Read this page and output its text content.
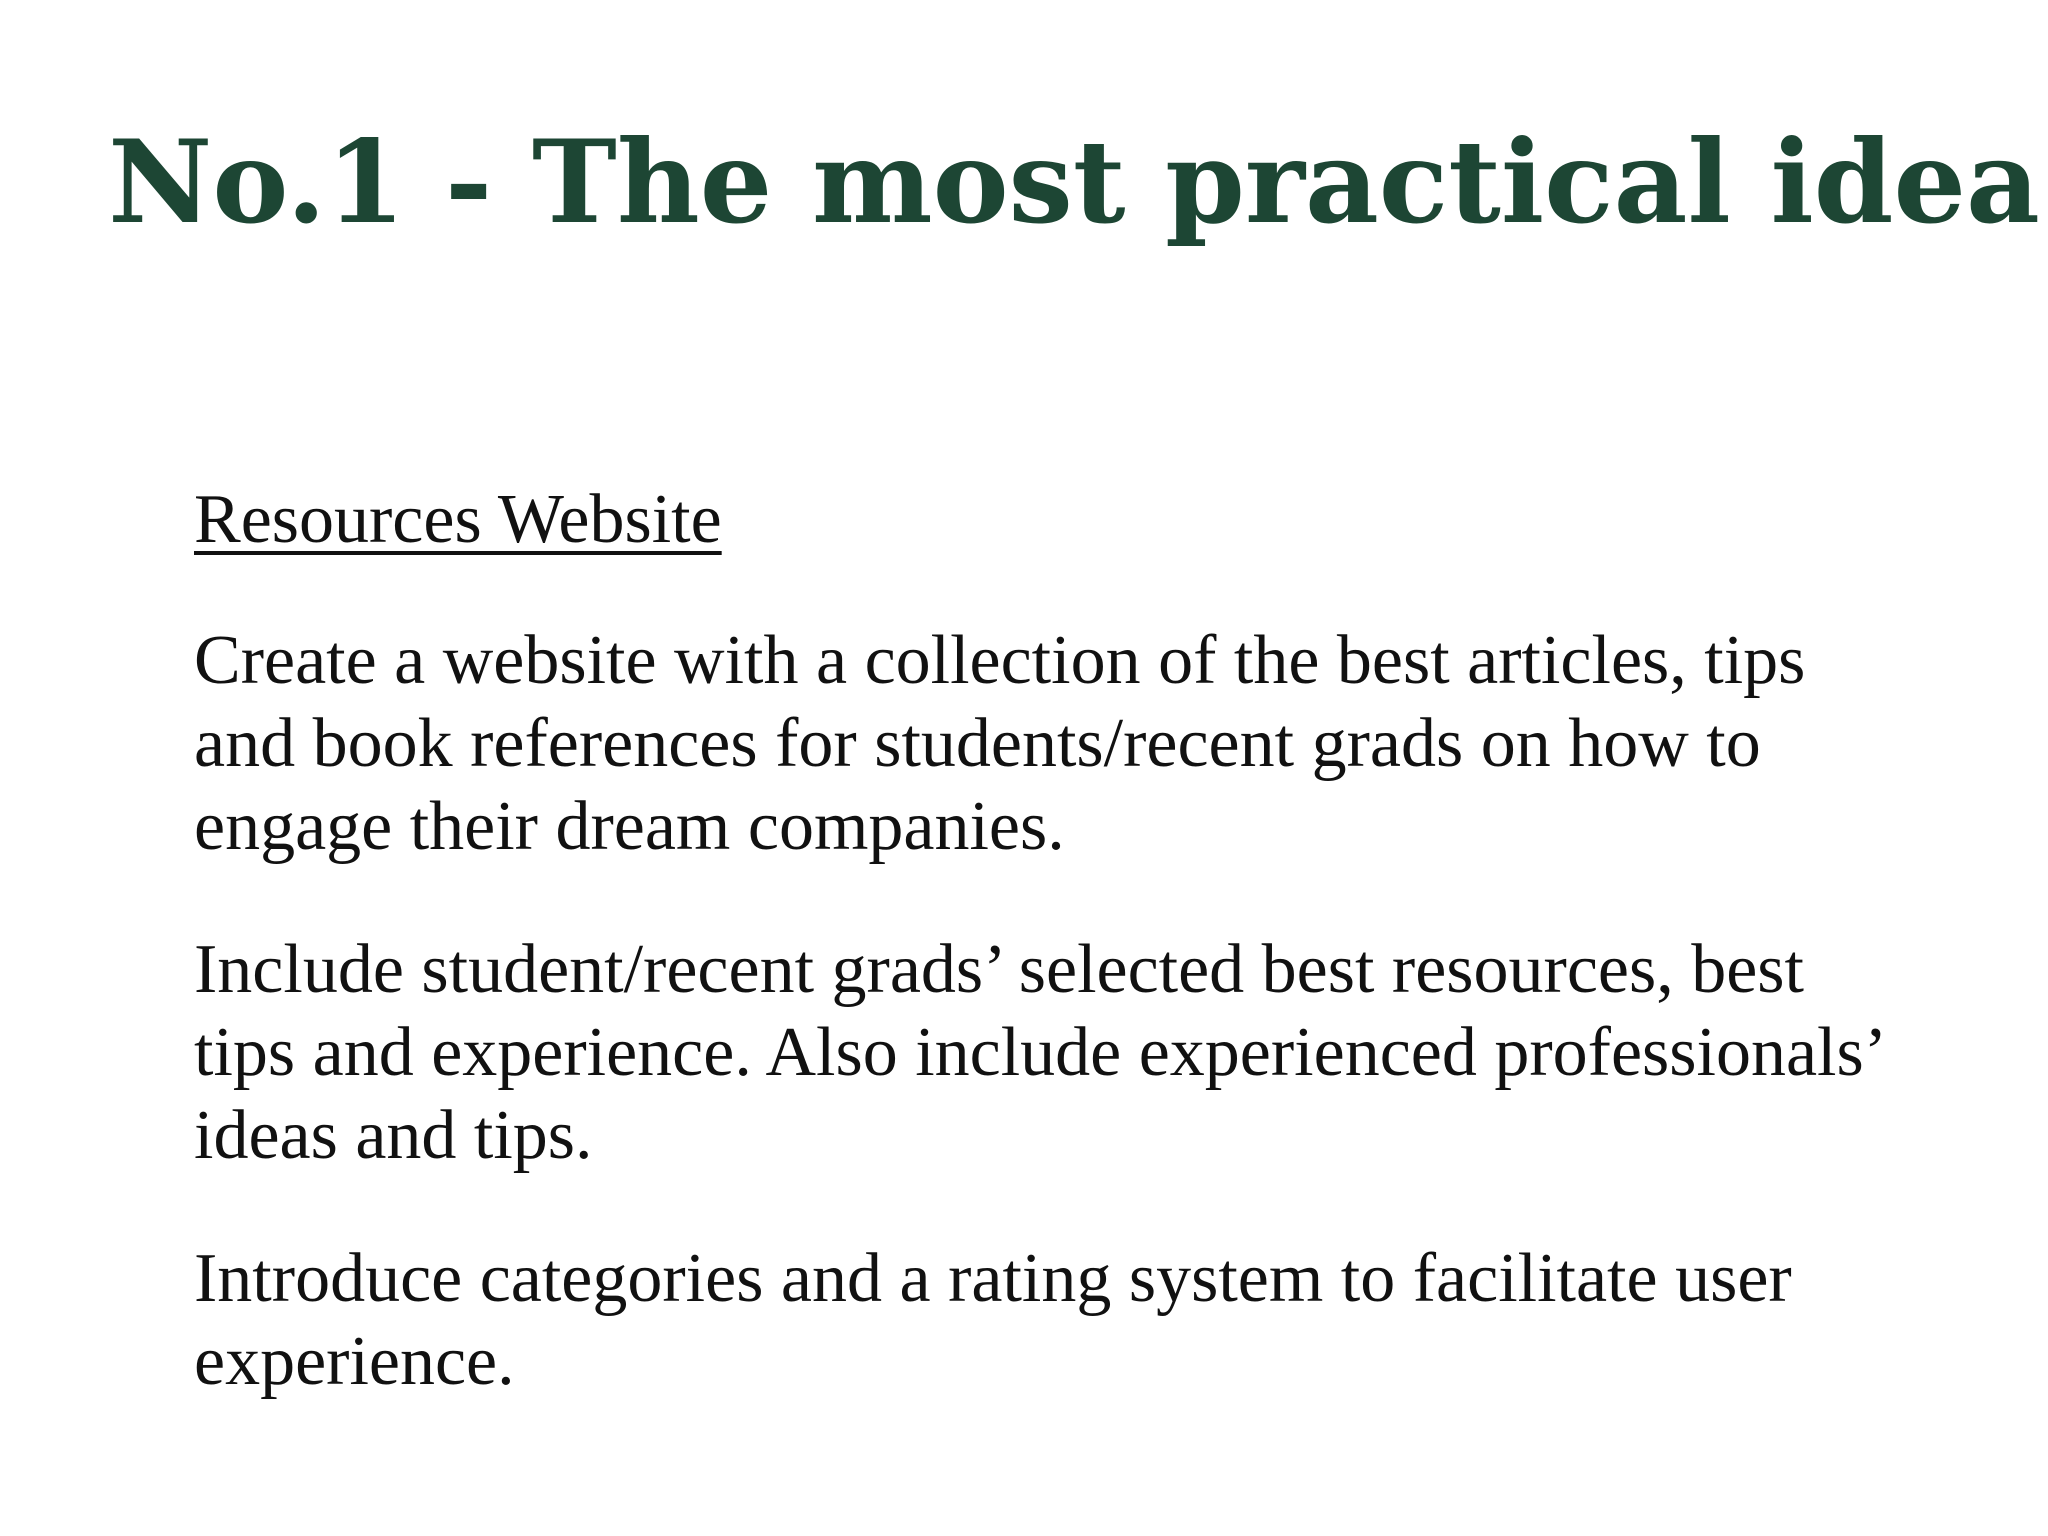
No.1 - The most practical idea

Resources Website

Create a website with a collection of the best articles, tips and book references for students/recent grads on how to engage their dream companies.

Include student/recent grads’ selected best resources, best tips and experience. Also include experienced professionals’ ideas and tips.

Introduce categories and a rating system to facilitate user experience.
